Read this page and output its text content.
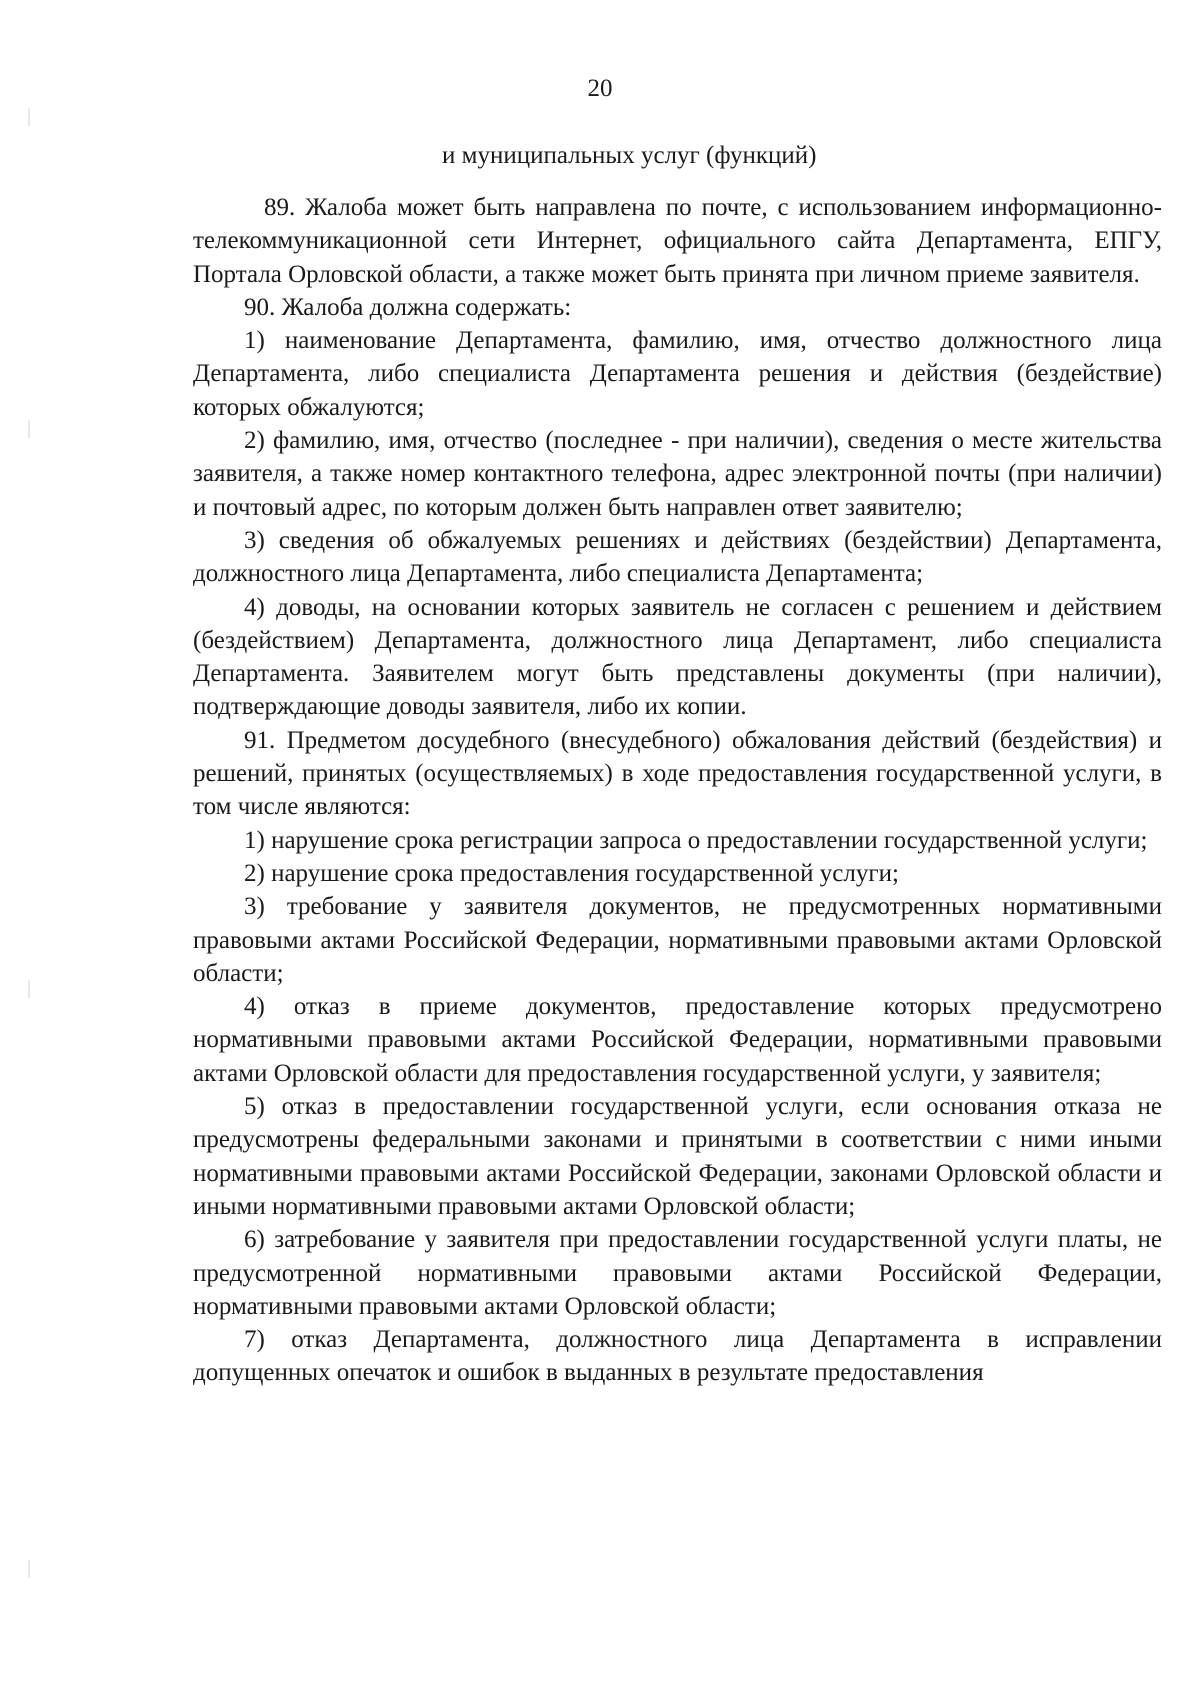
20
и муниципальных услуг (функций)

89. Жалоба может быть направлена по почте, с использованием информационно-телекоммуникационной сети Интернет, официального сайта Департамента, ЕПГУ, Портала Орловской области, а также может быть принята при личном приеме заявителя.

90. Жалоба должна содержать:

1) наименование Департамента, фамилию, имя, отчество должностного лица Департамента, либо специалиста Департамента решения и действия (бездействие) которых обжалуются;

2) фамилию, имя, отчество (последнее - при наличии), сведения о месте жительства заявителя, а также номер контактного телефона, адрес электронной почты (при наличии) и почтовый адрес, по которым должен быть направлен ответ заявителю;

3) сведения об обжалуемых решениях и действиях (бездействии) Департамента, должностного лица Департамента, либо специалиста Департамента;

4) доводы, на основании которых заявитель не согласен с решением и действием (бездействием) Департамента, должностного лица Департамент, либо специалиста Департамента. Заявителем могут быть представлены документы (при наличии), подтверждающие доводы заявителя, либо их копии.

91. Предметом досудебного (внесудебного) обжалования действий (бездействия) и решений, принятых (осуществляемых) в ходе предоставления государственной услуги, в том числе являются:

1) нарушение срока регистрации запроса о предоставлении государственной услуги;

2) нарушение срока предоставления государственной услуги;

3) требование у заявителя документов, не предусмотренных нормативными правовыми актами Российской Федерации, нормативными правовыми актами Орловской области;

4) отказ в приеме документов, предоставление которых предусмотрено нормативными правовыми актами Российской Федерации, нормативными правовыми актами Орловской области для предоставления государственной услуги, у заявителя;

5) отказ в предоставлении государственной услуги, если основания отказа не предусмотрены федеральными законами и принятыми в соответствии с ними иными нормативными правовыми актами Российской Федерации, законами Орловской области и иными нормативными правовыми актами Орловской области;

6) затребование у заявителя при предоставлении государственной услуги платы, не предусмотренной нормативными правовыми актами Российской Федерации, нормативными правовыми актами Орловской области;

7) отказ Департамента, должностного лица Департамента в исправлении допущенных опечаток и ошибок в выданных в результате предоставления
